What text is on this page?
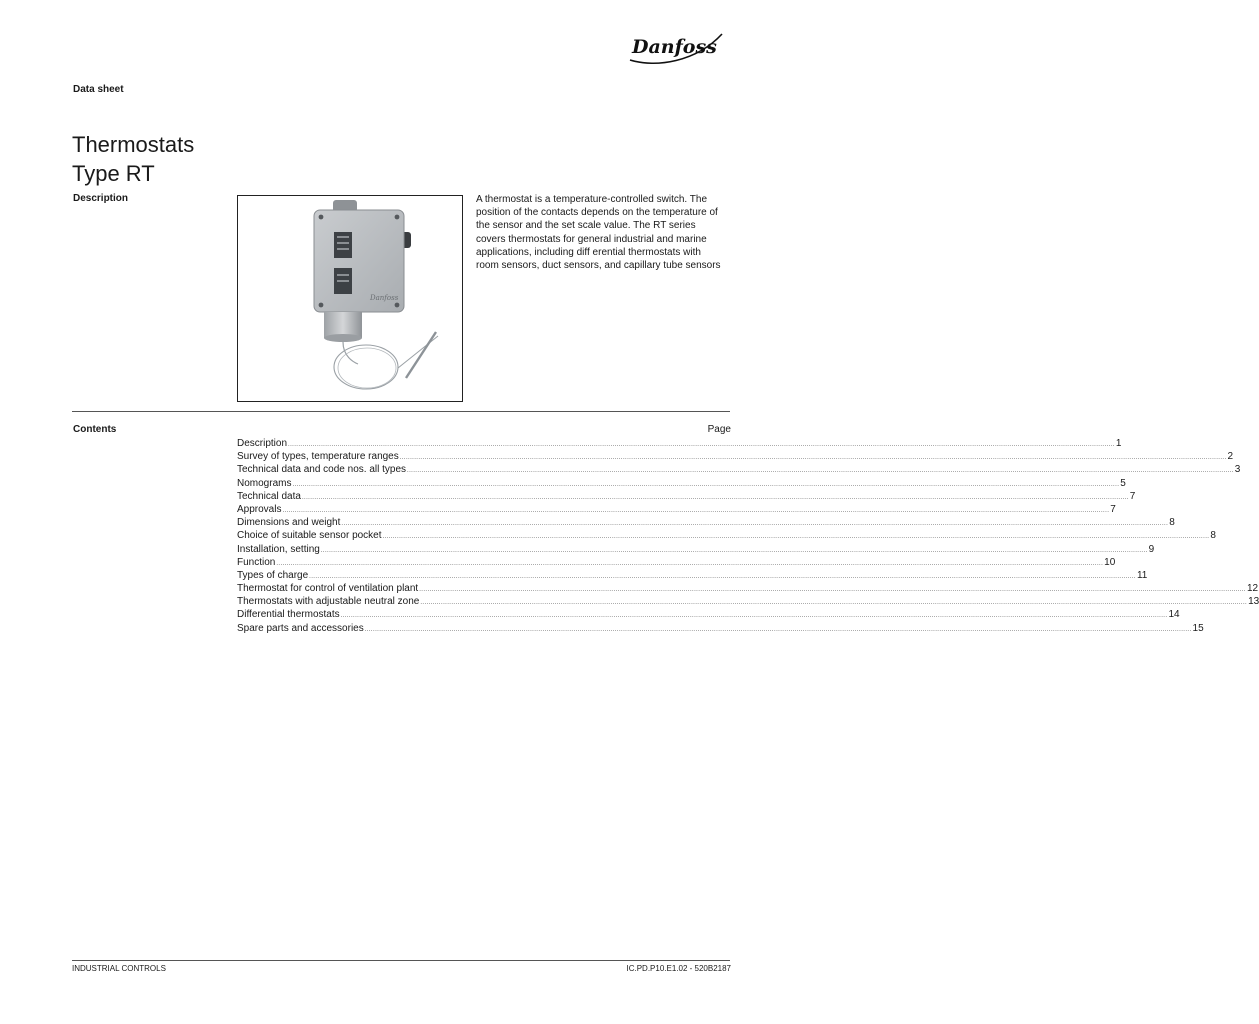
Danfoss
Data sheet
Thermostats
Type RT
Description
Danfoss
A thermostat is a temperature-controlled switch. The position of the contacts depends on the temperature of the sensor and the set scale value. The RT series covers thermostats for general industrial and marine applications, including diff erential thermostats with room sensors, duct sensors, and capillary tube sensors
Contents	Page
Description ................................................................................................................................................................................................................................................................................................................................................................................................................ 1
Survey of types, temperature ranges ................................................................................................................................................................................................................................................................................................................................................................................................................ 2
Technical data and code nos. all types ................................................................................................................................................................................................................................................................................................................................................................................................................ 3
Nomograms ................................................................................................................................................................................................................................................................................................................................................................................................................ 5
Technical data ................................................................................................................................................................................................................................................................................................................................................................................................................ 7
Approvals ................................................................................................................................................................................................................................................................................................................................................................................................................ 7
Dimensions and weight ................................................................................................................................................................................................................................................................................................................................................................................................................ 8
Choice of suitable sensor pocket ................................................................................................................................................................................................................................................................................................................................................................................................................ 8
Installation, setting ................................................................................................................................................................................................................................................................................................................................................................................................................ 9
Function ................................................................................................................................................................................................................................................................................................................................................................................................................ 10
Types of charge ................................................................................................................................................................................................................................................................................................................................................................................................................ 11
Thermostat for control of ventilation plant ................................................................................................................................................................................................................................................................................................................................................................................................................ 12
Thermostats with adjustable neutral zone ................................................................................................................................................................................................................................................................................................................................................................................................................ 13
Differential thermostats ................................................................................................................................................................................................................................................................................................................................................................................................................ 14
Spare parts and accessories ................................................................................................................................................................................................................................................................................................................................................................................................................ 15
INDUSTRIAL CONTROLS	IC.PD.P10.E1.02 - 520B2187
